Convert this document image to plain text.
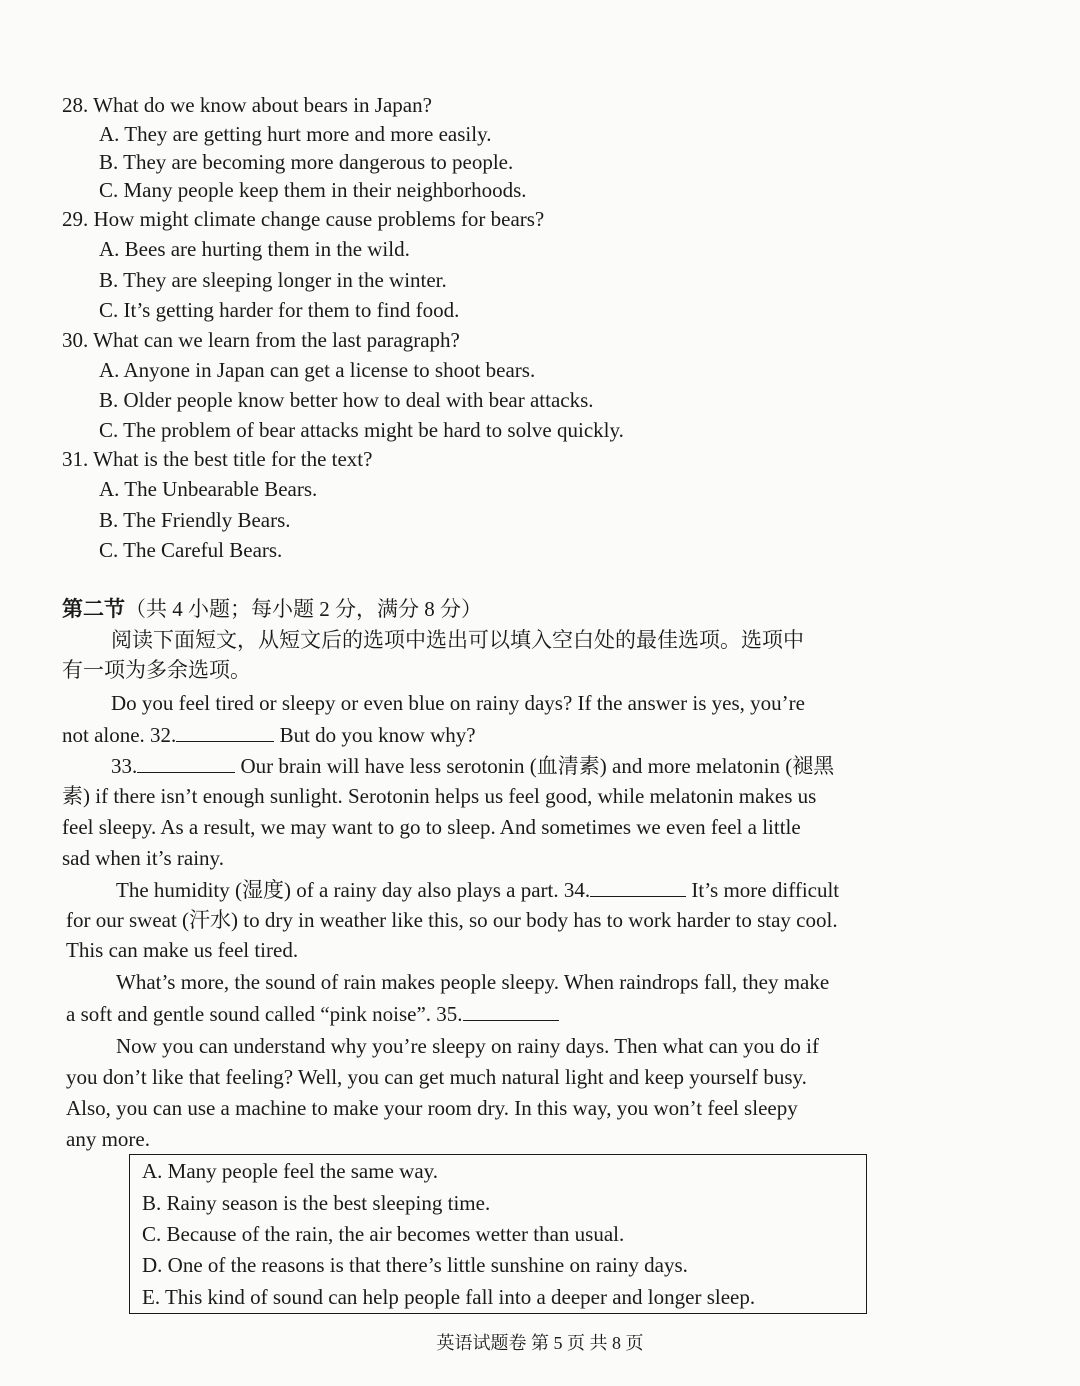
28. What do we know about bears in Japan?
A. They are getting hurt more and more easily.
B. They are becoming more dangerous to people.
C. Many people keep them in their neighborhoods.
29. How might climate change cause problems for bears?
A. Bees are hurting them in the wild.
B. They are sleeping longer in the winter.
C. It’s getting harder for them to find food.
30. What can we learn from the last paragraph?
A. Anyone in Japan can get a license to shoot bears.
B. Older people know better how to deal with bear attacks.
C. The problem of bear attacks might be hard to solve quickly.
31. What is the best title for the text?
A. The Unbearable Bears.
B. The Friendly Bears.
C. The Careful Bears.
第二节（共 4 小题；每小题 2 分，满分 8 分）
阅读下面短文，从短文后的选项中选出可以填入空白处的最佳选项。选项中
有一项为多余选项。
Do you feel tired or sleepy or even blue on rainy days? If the answer is yes, you’re
not alone. 32.	But do you know why?
33.	Our brain will have less serotonin (血清素) and more melatonin (褪黑
素) if there isn’t enough sunlight. Serotonin helps us feel good, while melatonin makes us
feel sleepy. As a result, we may want to go to sleep. And sometimes we even feel a little
sad when it’s rainy.
The humidity (湿度) of a rainy day also plays a part. 34.	It’s more difficult
for our sweat (汗水) to dry in weather like this, so our body has to work harder to stay cool.
This can make us feel tired.
What’s more, the sound of rain makes people sleepy. When raindrops fall, they make
a soft and gentle sound called “pink noise”. 35.
Now you can understand why you’re sleepy on rainy days. Then what can you do if
you don’t like that feeling? Well, you can get much natural light and keep yourself busy.
Also, you can use a machine to make your room dry. In this way, you won’t feel sleepy
any more.
A. Many people feel the same way.
B. Rainy season is the best sleeping time.
C. Because of the rain, the air becomes wetter than usual.
D. One of the reasons is that there’s little sunshine on rainy days.
E. This kind of sound can help people fall into a deeper and longer sleep.
英语试题卷 第 5 页 共 8 页
